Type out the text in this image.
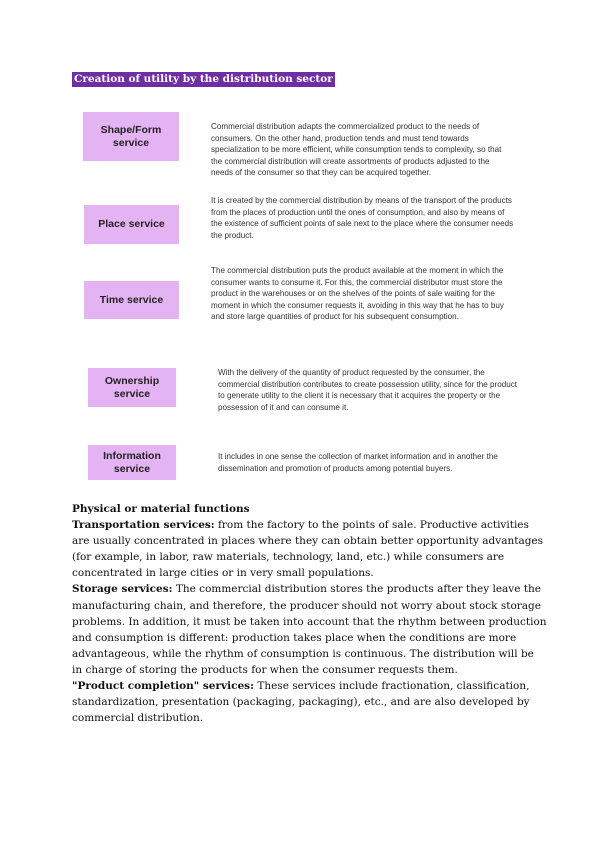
Creation of utility by the distribution sector
Shape/Form service

Commercial distribution adapts the commercialized product to the needs of consumers. On the other hand, production tends and must tend towards specialization to be more efficient, while consumption tends to complexity, so that the commercial distribution will create assortments of products adjusted to the needs of the consumer so that they can be acquired together.

Place service

It is created by the commercial distribution by means of the transport of the products from the places of production until the ones of consumption, and also by means of the existence of sufficient points of sale next to the place where the consumer needs the product.

Time service

The commercial distribution puts the product available at the moment in which the consumer wants to consume it. For this, the commercial distributor must store the product in the warehouses or on the shelves of the points of sale waiting for the moment in which the consumer requests it, avoiding in this way that he has to buy and store large quantities of product for his subsequent consumption.

Ownership service

With the delivery of the quantity of product requested by the consumer, the commercial distribution contributes to create possession utility, since for the product to generate utility to the client it is necessary that it acquires the property or the possession of it and can consume it.

Information service

It includes in one sense the collection of market information and in another the dissemination and promotion of products among potential buyers.

Physical or material functions

Transportation services: from the factory to the points of sale. Productive activities are usually concentrated in places where they can obtain better opportunity advantages (for example, in labor, raw materials, technology, land, etc.) while consumers are concentrated in large cities or in very small populations.

Storage services: The commercial distribution stores the products after they leave the manufacturing chain, and therefore, the producer should not worry about stock storage problems. In addition, it must be taken into account that the rhythm between production and consumption is different: production takes place when the conditions are more advantageous, while the rhythm of consumption is continuous. The distribution will be in charge of storing the products for when the consumer requests them.

"Product completion" services: These services include fractionation, classification, standardization, presentation (packaging, packaging), etc., and are also developed by commercial distribution.
